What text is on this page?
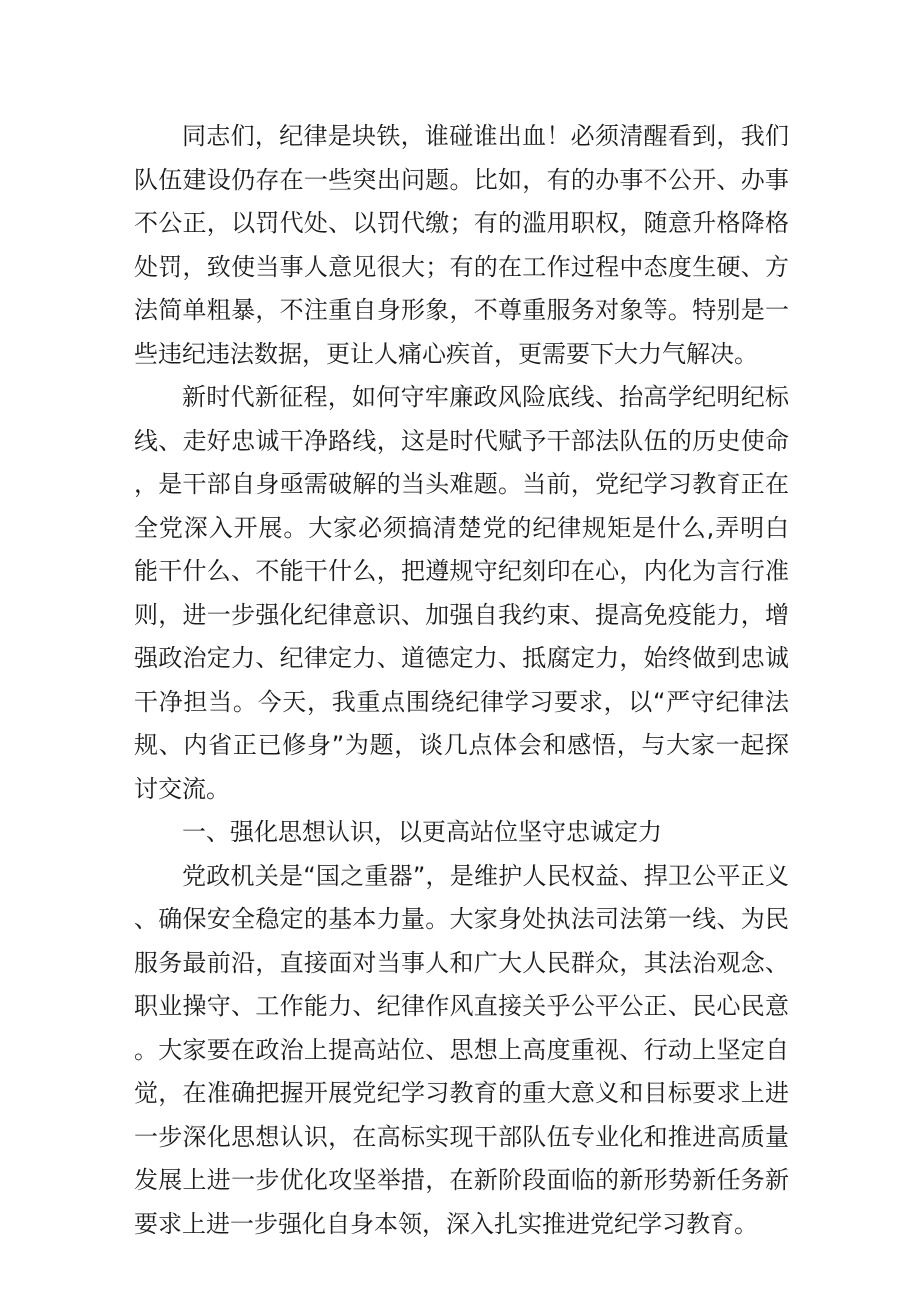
同志们，纪律是块铁，谁碰谁出血！必须清醒看到，我们队伍建设仍存在一些突出问题。比如，有的办事不公开、办事不公正，以罚代处、以罚代缴；有的滥用职权，随意升格降格处罚，致使当事人意见很大；有的在工作过程中态度生硬、方法简单粗暴，不注重自身形象，不尊重服务对象等。特别是一些违纪违法数据，更让人痛心疾首，更需要下大力气解决。

新时代新征程，如何守牢廉政风险底线、抬高学纪明纪标线、走好忠诚干净路线，这是时代赋予干部法队伍的历史使命，是干部自身亟需破解的当头难题。当前，党纪学习教育正在全党深入开展。大家必须搞清楚党的纪律规矩是什么,弄明白能干什么、不能干什么，把遵规守纪刻印在心，内化为言行准则，进一步强化纪律意识、加强自我约束、提高免疫能力，增强政治定力、纪律定力、道德定力、抵腐定力，始终做到忠诚干净担当。今天，我重点围绕纪律学习要求，以“严守纪律法规、内省正已修身”为题，谈几点体会和感悟，与大家一起探讨交流。

一、强化思想认识，以更高站位坚守忠诚定力

党政机关是“国之重器”，是维护人民权益、捍卫公平正义、确保安全稳定的基本力量。大家身处执法司法第一线、为民服务最前沿，直接面对当事人和广大人民群众，其法治观念、职业操守、工作能力、纪律作风直接关乎公平公正、民心民意。大家要在政治上提高站位、思想上高度重视、行动上坚定自觉，在准确把握开展党纪学习教育的重大意义和目标要求上进一步深化思想认识，在高标实现干部队伍专业化和推进高质量发展上进一步优化攻坚举措，在新阶段面临的新形势新任务新要求上进一步强化自身本领，深入扎实推进党纪学习教育。
